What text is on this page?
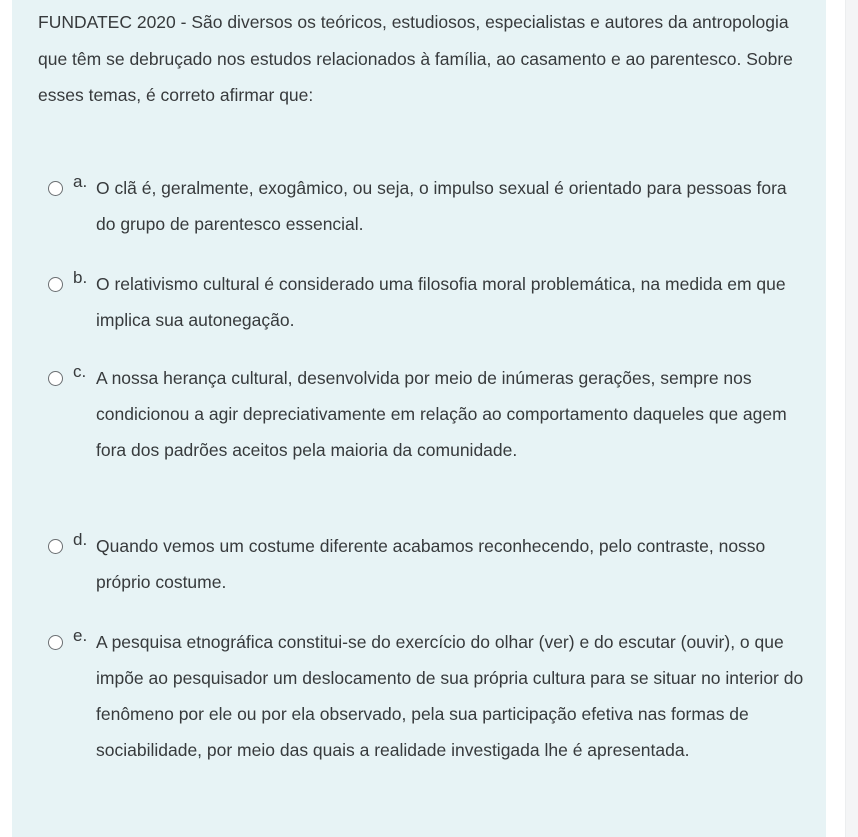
FUNDATEC 2020 - São diversos os teóricos, estudiosos, especialistas e autores da antropologia que têm se debruçado nos estudos relacionados à família, ao casamento e ao parentesco. Sobre esses temas, é correto afirmar que:

a. O clã é, geralmente, exogâmico, ou seja, o impulso sexual é orientado para pessoas fora do grupo de parentesco essencial.
b. O relativismo cultural é considerado uma filosofia moral problemática, na medida em que implica sua autonegação.
c. A nossa herança cultural, desenvolvida por meio de inúmeras gerações, sempre nos condicionou a agir depreciativamente em relação ao comportamento daqueles que agem fora dos padrões aceitos pela maioria da comunidade.
d. Quando vemos um costume diferente acabamos reconhecendo, pelo contraste, nosso próprio costume.
e. A pesquisa etnográfica constitui-se do exercício do olhar (ver) e do escutar (ouvir), o que impõe ao pesquisador um deslocamento de sua própria cultura para se situar no interior do fenômeno por ele ou por ela observado, pela sua participação efetiva nas formas de sociabilidade, por meio das quais a realidade investigada lhe é apresentada.
